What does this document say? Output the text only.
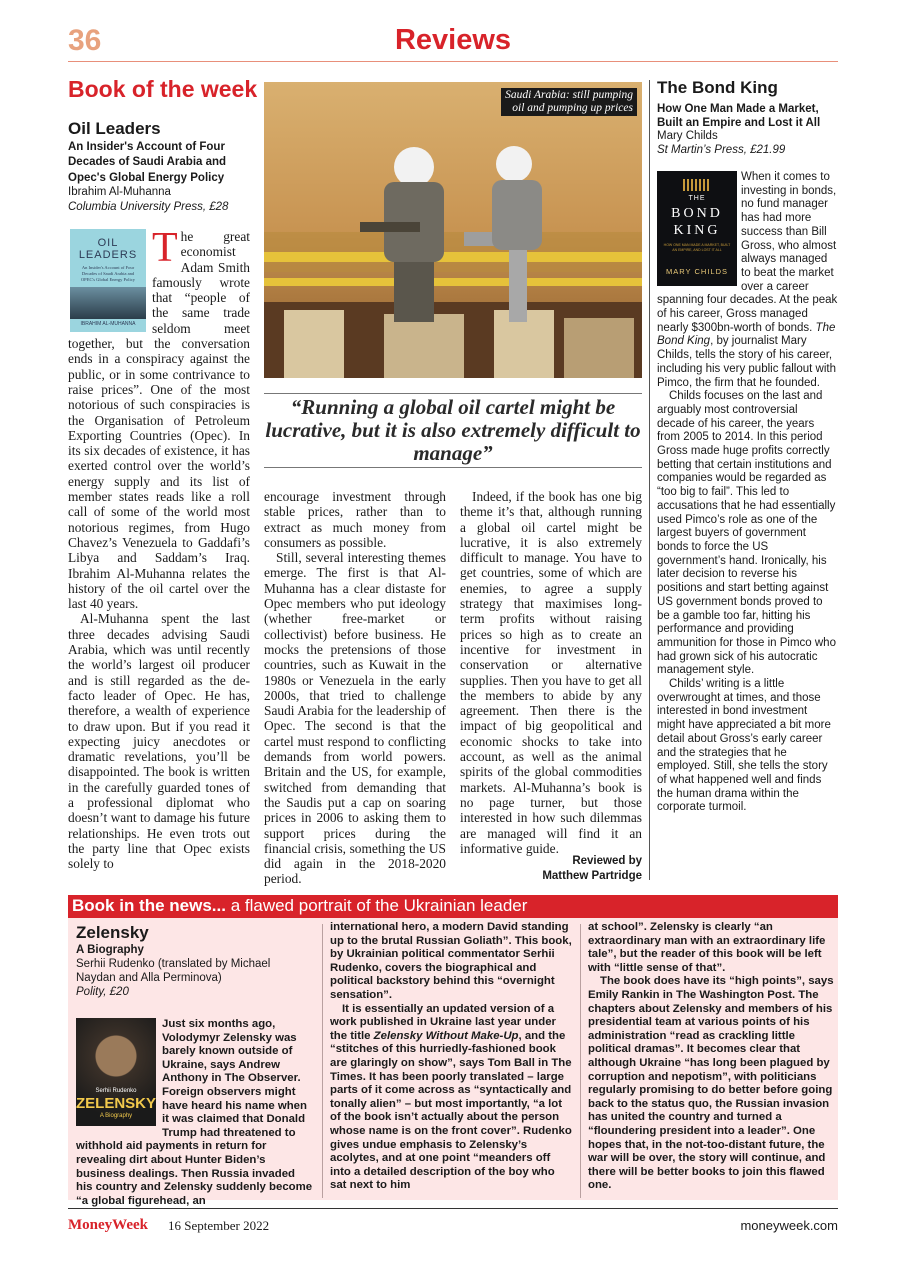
36	Reviews
Book of the week
Oil Leaders
An Insider's Account of Four Decades of Saudi Arabia and Opec's Global Energy Policy
Ibrahim Al-Muhanna
Columbia University Press, £28
T he great economist Adam Smith famously wrote that “people of the same trade seldom meet together, but the conversation ends in a conspiracy against the public, or in some contrivance to raise prices”. One of the most notorious of such conspiracies is the Organisation of Petroleum Exporting Countries (Opec). In its six decades of existence, it has exerted control over the world’s energy supply and its list of member states reads like a roll call of some of the world most notorious regimes, from Hugo Chavez’s Venezuela to Gaddafi’s Libya and Saddam’s Iraq. Ibrahim Al-Muhanna relates the history of the oil cartel over the last 40 years.

Al-Muhanna spent the last three decades advising Saudi Arabia, which was until recently the world’s largest oil producer and is still regarded as the de-facto leader of Opec. He has, therefore, a wealth of experience to draw upon. But if you read it expecting juicy anecdotes or dramatic revelations, you’ll be disappointed. The book is written in the carefully guarded tones of a professional diplomat who doesn’t want to damage his future relationships. He even trots out the party line that Opec exists solely to

OIL LEADERS
An Insider's Account of Four Decades of Saudi Arabia and OPEC's Global Energy Policy
IBRAHIM AL-MUHANNA
Saudi Arabia: still pumping
oil and pumping up prices
“Running a global oil cartel might be lucrative, but it is also extremely difficult to manage”

encourage investment through stable prices, rather than to extract as much money from consumers as possible.

Still, several interesting themes emerge. The first is that Al-Muhanna has a clear distaste for Opec members who put ideology (whether free-market or collectivist) before business. He mocks the pretensions of those countries, such as Kuwait in the 1980s or Venezuela in the early 2000s, that tried to challenge Saudi Arabia for the leadership of Opec. The second is that the cartel must respond to conflicting demands from world powers. Britain and the US, for example, switched from demanding that the Saudis put a cap on soaring prices in 2006 to asking them to support prices during the financial crisis, something the US did again in the 2018-2020 period.

Indeed, if the book has one big theme it’s that, although running a global oil cartel might be lucrative, it is also extremely difficult to manage. You have to get countries, some of which are enemies, to agree a supply strategy that maximises long-term profits without raising prices so high as to create an incentive for investment in conservation or alternative supplies. Then you have to get all the members to abide by any agreement. Then there is the impact of big geopolitical and economic shocks to take into account, as well as the animal spirits of the global commodities markets. Al-Muhanna’s book is no page turner, but those interested in how such dilemmas are managed will find it an informative guide.

Reviewed by
Matthew Partridge
The Bond King
How One Man Made a Market, Built an Empire and Lost it All
Mary Childs
St Martin’s Press, £21.99

When it comes to investing in bonds, no fund manager has had more success than Bill Gross, who almost always managed to beat the market over a career spanning four decades. At the peak of his career, Gross managed nearly $300bn-worth of bonds. The Bond King, by journalist Mary Childs, tells the story of his career, including his very public fallout with Pimco, the firm that he founded.

Childs focuses on the last and arguably most controversial decade of his career, the years from 2005 to 2014. In this period Gross made huge profits correctly betting that certain institutions and companies would be regarded as “too big to fail”. This led to accusations that he had essentially used Pimco’s role as one of the largest buyers of government bonds to force the US government’s hand. Ironically, his later decision to reverse his positions and start betting against US government bonds proved to be a gamble too far, hitting his performance and providing ammunition for those in Pimco who had grown sick of his autocratic management style.

Childs’ writing is a little overwrought at times, and those interested in bond investment might have appreciated a bit more detail about Gross’s early career and the strategies that he employed. Still, she tells the story of what happened well and finds the human drama within the corporate turmoil.

THE
BOND KING
HOW ONE MAN MADE A MARKET, BUILT AN EMPIRE, AND LOST IT ALL
MARY CHILDS
Book in the news... a flawed portrait of the Ukrainian leader
Zelensky
A Biography
Serhii Rudenko (translated by Michael Naydan and Alla Perminova)
Polity, £20

Just six months ago, Volodymyr Zelensky was barely known outside of Ukraine, says Andrew Anthony in The Observer. Foreign observers might have heard his name when it was claimed that Donald Trump had threatened to withhold aid payments in return for revealing dirt about Hunter Biden’s business dealings. Then Russia invaded his country and Zelensky suddenly become “a global figurehead, an

Serhii Rudenko
ZELENSKY
A Biography

international hero, a modern David standing up to the brutal Russian Goliath”. This book, by Ukrainian political commentator Serhii Rudenko, covers the biographical and political backstory behind this “overnight sensation”.

It is essentially an updated version of a work published in Ukraine last year under the title Zelensky Without Make-Up, and the “stitches of this hurriedly-fashioned book are glaringly on show”, says Tom Ball in The Times. It has been poorly translated – large parts of it come across as “syntactically and tonally alien” – but most importantly, “a lot of the book isn’t actually about the person whose name is on the front cover”. Rudenko gives undue emphasis to Zelensky’s acolytes, and at one point “meanders off into a detailed description of the boy who sat next to him

at school”. Zelensky is clearly “an extraordinary man with an extraordinary life tale”, but the reader of this book will be left with “little sense of that”.

The book does have its “high points”, says Emily Rankin in The Washington Post. The chapters about Zelensky and members of his presidential team at various points of his administration “read as crackling little political dramas”. It becomes clear that although Ukraine “has long been plagued by corruption and nepotism”, with politicians regularly promising to do better before going back to the status quo, the Russian invasion has united the country and turned a “floundering president into a leader”. One hopes that, in the not-too-distant future, the war will be over, the story will continue, and there will be better books to join this flawed one.

MoneyWeek 16 September 2022	moneyweek.com
